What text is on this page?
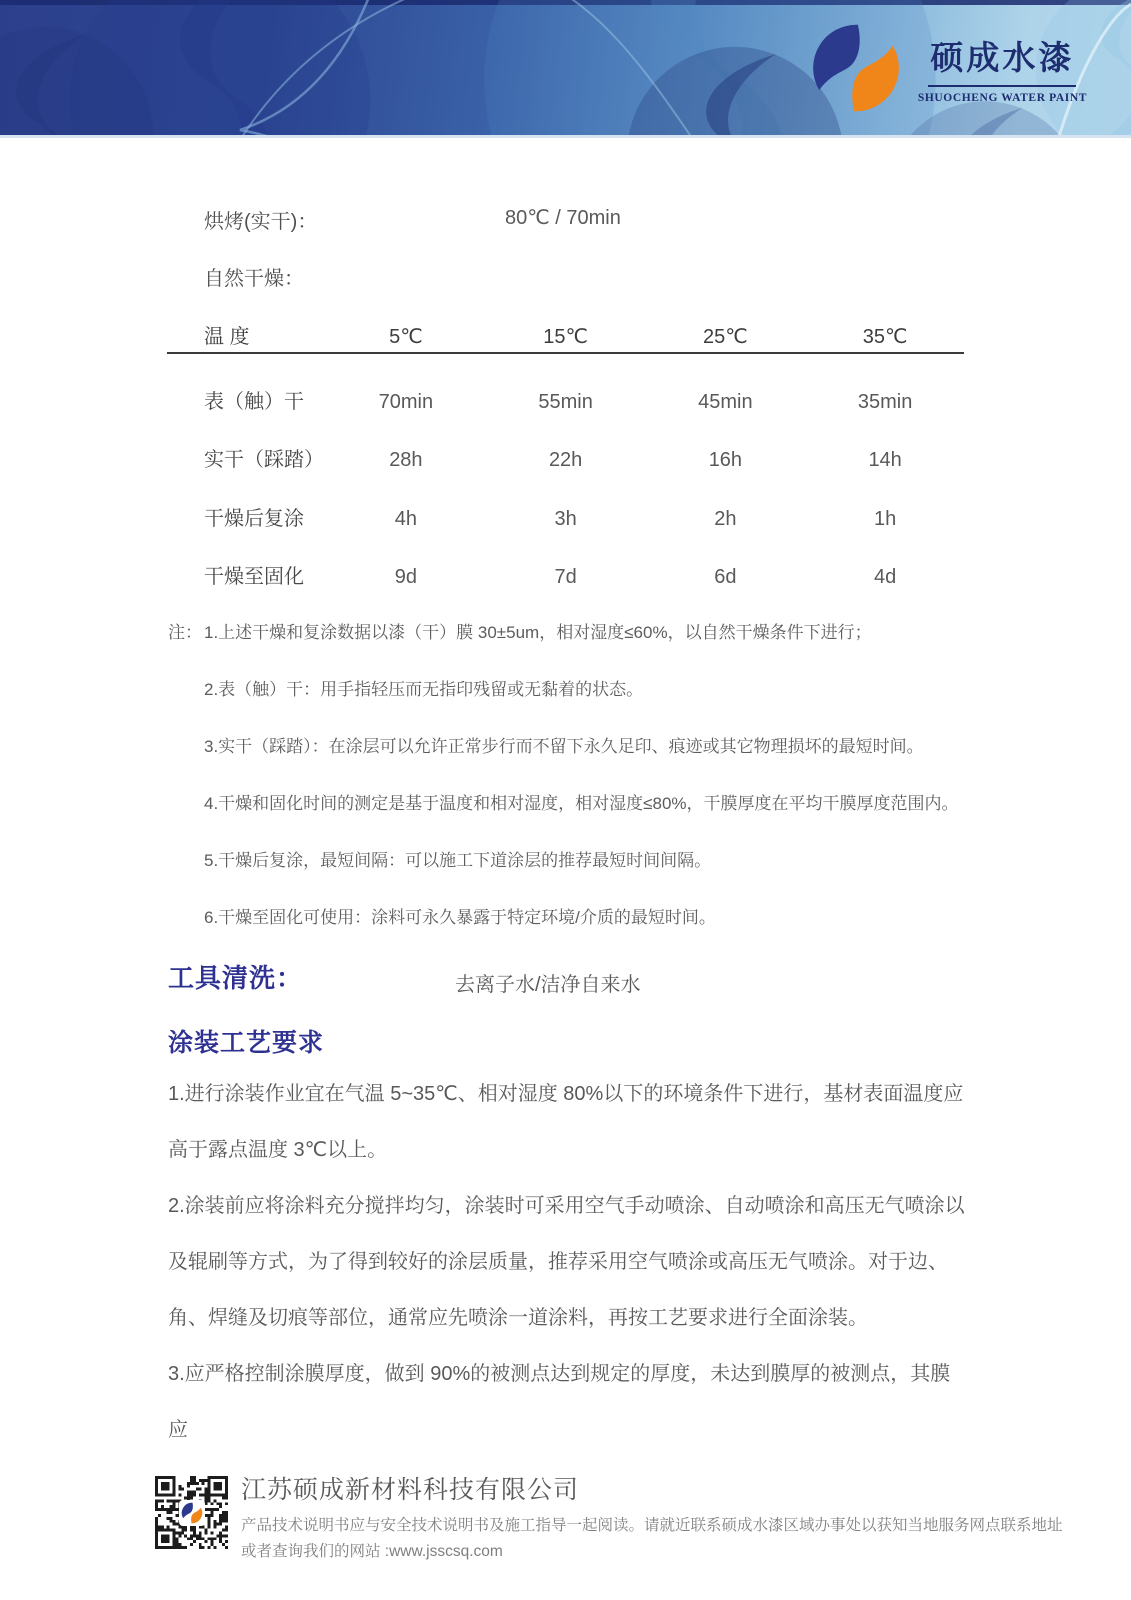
硕成水漆
SHUOCHENG WATER PAINT
烘烤(实干)：	80℃ / 70min
自然干燥：
温 度	5℃	15℃	25℃	35℃
表（触）干	70min	55min	45min	35min
实干（踩踏）	28h	22h	16h	14h
干燥后复涂	4h	3h	2h	1h
干燥至固化	9d	7d	6d	4d
注： 1.上述干燥和复涂数据以漆（干）膜 30±5um，相对湿度≤60%，以自然干燥条件下进行；
2.表（触）干：用手指轻压而无指印残留或无黏着的状态。
3.实干（踩踏）：在涂层可以允许正常步行而不留下永久足印、痕迹或其它物理损坏的最短时间。
4.干燥和固化时间的测定是基于温度和相对湿度，相对湿度≤80%，干膜厚度在平均干膜厚度范围内。
5.干燥后复涂，最短间隔：可以施工下道涂层的推荐最短时间间隔。
6.干燥至固化可使用：涂料可永久暴露于特定环境/介质的最短时间。
工具清洗：	去离子水/洁净自来水
涂装工艺要求

1.进行涂装作业宜在气温 5~35℃、相对湿度 80%以下的环境条件下进行，基材表面温度应高于露点温度 3℃以上。

2.涂装前应将涂料充分搅拌均匀，涂装时可采用空气手动喷涂、自动喷涂和高压无气喷涂以及辊刷等方式，为了得到较好的涂层质量，推荐采用空气喷涂或高压无气喷涂。对于边、角、焊缝及切痕等部位，通常应先喷涂一道涂料，再按工艺要求进行全面涂装。

3.应严格控制涂膜厚度，做到 90%的被测点达到规定的厚度，未达到膜厚的被测点，其膜应

江苏硕成新材料科技有限公司
产品技术说明书应与安全技术说明书及施工指导一起阅读。请就近联系硕成水漆区域办事处以获知当地服务网点联系地址
或者查询我们的网站 :www.jsscsq.com
